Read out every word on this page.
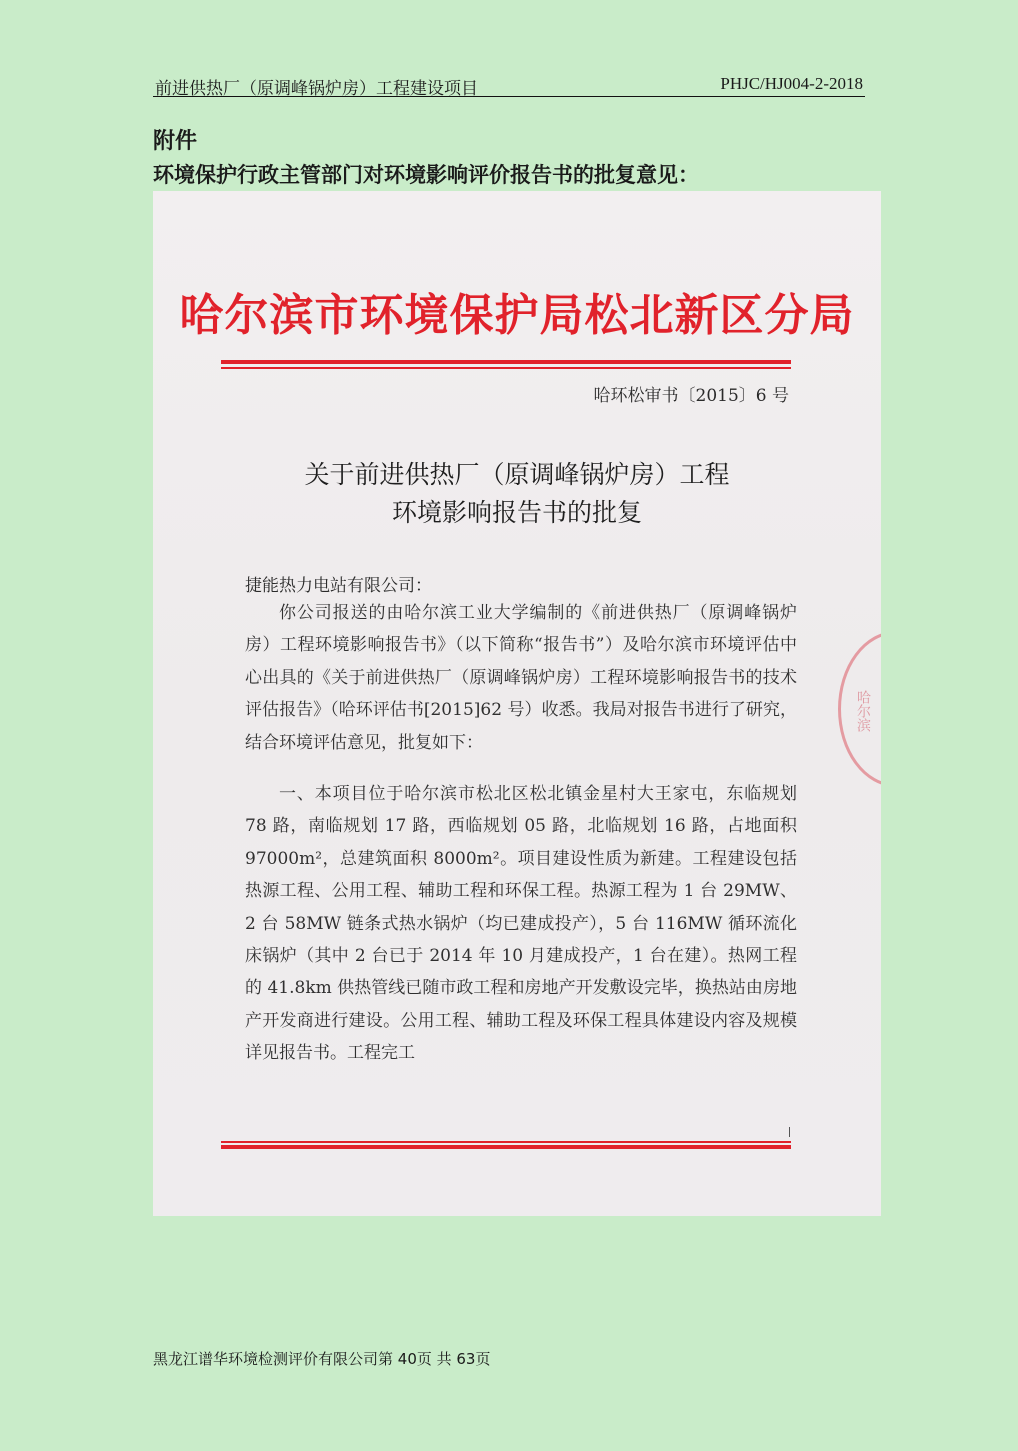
前进供热厂（原调峰锅炉房）工程建设项目	PHJC/HJ004-2-2018
附件
环境保护行政主管部门对环境影响评价报告书的批复意见：
哈尔滨市环境保护局松北新区分局
哈环松审书〔2015〕6 号
关于前进供热厂（原调峰锅炉房）工程
环境影响报告书的批复
捷能热力电站有限公司：
你公司报送的由哈尔滨工业大学编制的《前进供热厂（原调峰锅炉房）工程环境影响报告书》（以下简称“报告书”）及哈尔滨市环境评估中心出具的《关于前进供热厂（原调峰锅炉房）工程环境影响报告书的技术评估报告》（哈环评估书[2015]62 号）收悉。我局对报告书进行了研究，结合环境评估意见，批复如下：
一、本项目位于哈尔滨市松北区松北镇金星村大王家屯，东临规划 78 路，南临规划 17 路，西临规划 05 路，北临规划 16 路，占地面积 97000m²，总建筑面积 8000m²。项目建设性质为新建。工程建设包括热源工程、公用工程、辅助工程和环保工程。热源工程为 1 台 29MW、2 台 58MW 链条式热水锅炉（均已建成投产），5 台 116MW 循环流化床锅炉（其中 2 台已于 2014 年 10 月建成投产，1 台在建）。热网工程的 41.8km 供热管线已随市政工程和房地产开发敷设完毕，换热站由房地产开发商进行建设。公用工程、辅助工程及环保工程具体建设内容及规模详见报告书。工程完工
哈尔滨
黑龙江谱华环境检测评价有限公司第 40页 共 63页
